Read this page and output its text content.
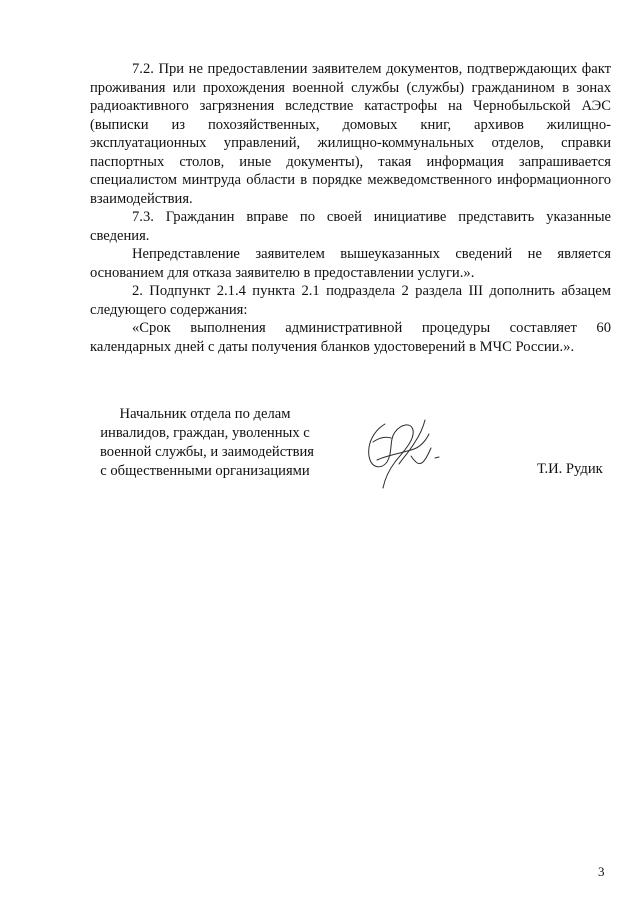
7.2. При не предоставлении заявителем документов, подтверждающих факт проживания или прохождения военной службы (службы) гражданином в зонах радиоактивного загрязнения вследствие катастрофы на Чернобыльской АЭС (выписки из похозяйственных, домовых книг, архивов жилищно-эксплуатационных управлений, жилищно-коммунальных отделов, справки паспортных столов, иные документы), такая информация запрашивается специалистом минтруда области в порядке межведомственного информационного взаимодействия.

7.3. Гражданин вправе по своей инициативе представить указанные сведения.

Непредставление заявителем вышеуказанных сведений не является основанием для отказа заявителю в предоставлении услуги.».

2. Подпункт 2.1.4 пункта 2.1 подраздела 2 раздела III дополнить абзацем следующего содержания:

«Срок выполнения административной процедуры составляет 60 календарных дней с даты получения бланков удостоверений в МЧС России.».

Начальник отдела по делам
инвалидов, граждан, уволенных с
военной службы, и заимодействия
с общественными организациями	Т.И. Рудик
3
